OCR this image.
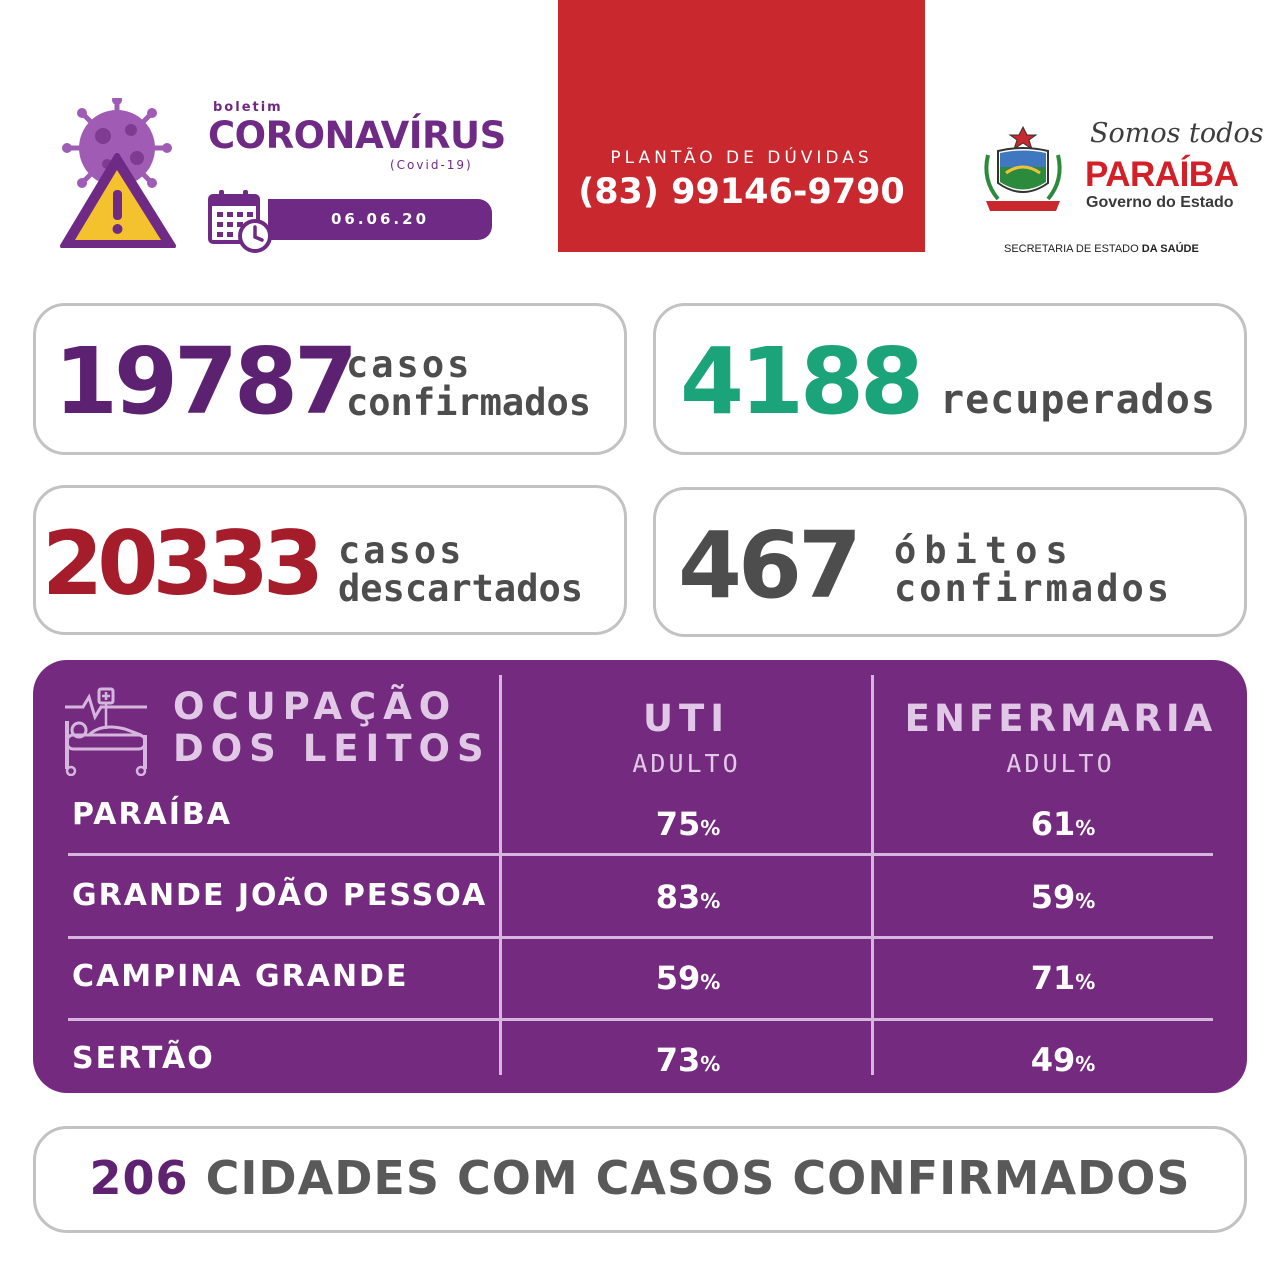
boletim
CORONAVÍRUS
(Covid-19)
06.06.20
PLANTÃO DE DÚVIDAS
(83) 99146-9790
Somos todos
PARAÍBA
Governo do Estado
SECRETARIA DE ESTADO DA SAÚDE
19787
casos
confirmados 4188 recuperados
20333 casos
descartados 467 óbitos
confirmados
OCUPAÇÃO
DOS LEITOS
UTI
ADULTO
ENFERMARIA
ADULTO
PARAÍBA	75%	61%
GRANDE JOÃO PESSOA	83%	59%
CAMPINA GRANDE	59%	71%
SERTÃO	73%	49%
206 CIDADES COM CASOS CONFIRMADOS
